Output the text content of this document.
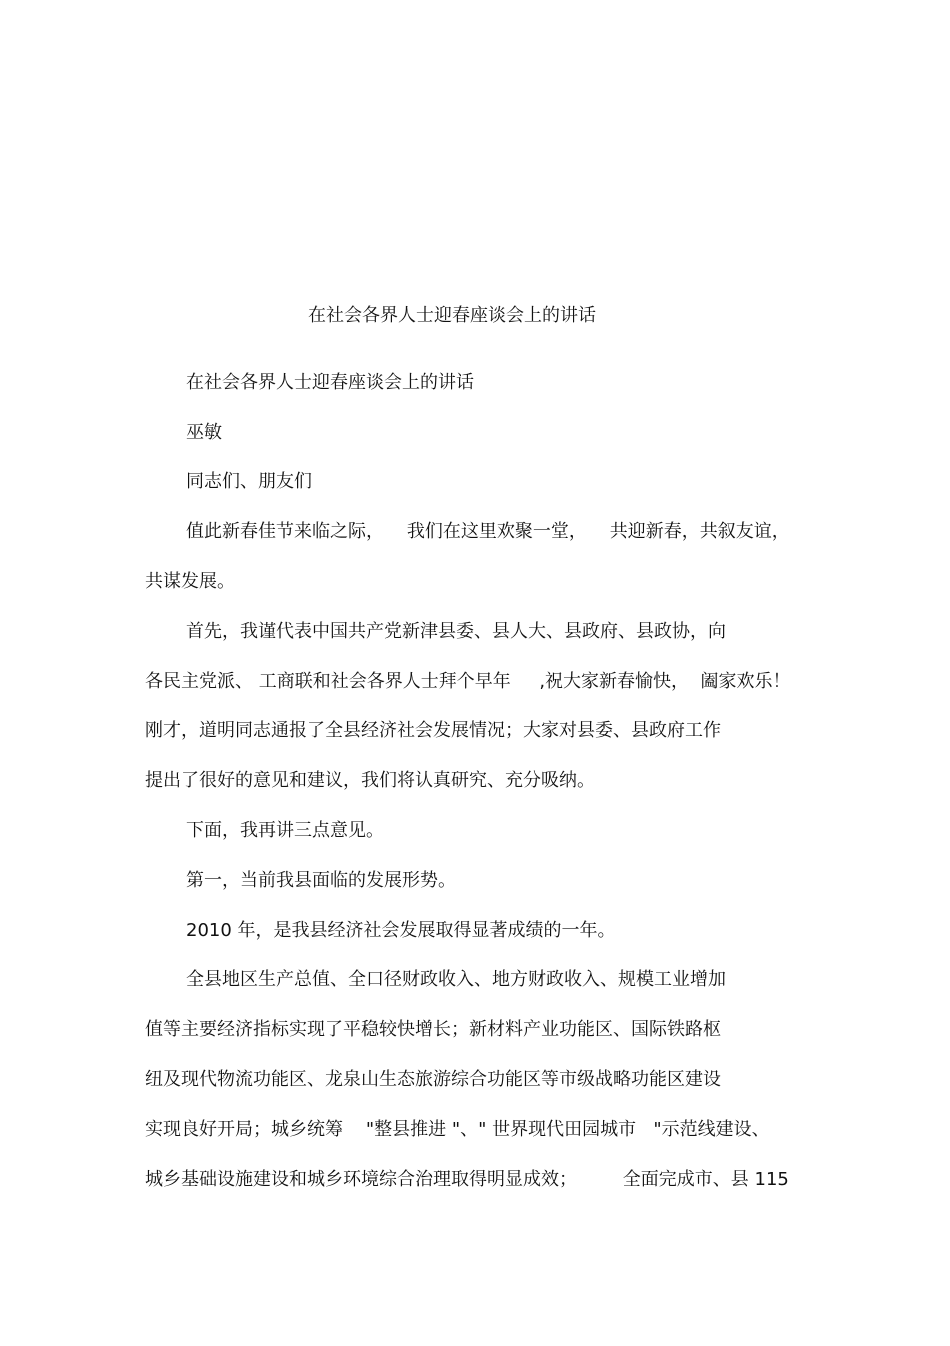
在社会各界人士迎春座谈会上的讲话
在社会各界人士迎春座谈会上的讲话
巫敏
同志们、朋友们
值此新春佳节来临之际，    我们在这里欢聚一堂，    共迎新春，共叙友谊，
共谋发展。
首先，我谨代表中国共产党新津县委、县人大、县政府、县政协，向
各民主党派、 工商联和社会各界人士拜个早年     ,祝大家新春愉快，  阖家欢乐！
刚才，道明同志通报了全县经济社会发展情况；大家对县委、县政府工作
提出了很好的意见和建议，我们将认真研究、充分吸纳。
下面，我再讲三点意见。
第一，当前我县面临的发展形势。
2010 年，是我县经济社会发展取得显著成绩的一年。
全县地区生产总值、全口径财政收入、地方财政收入、规模工业增加
值等主要经济指标实现了平稳较快增长；新材料产业功能区、国际铁路枢
纽及现代物流功能区、龙泉山生态旅游综合功能区等市级战略功能区建设
实现良好开局；城乡统筹    "整县推进 "、" 世界现代田园城市   "示范线建设、
城乡基础设施建设和城乡环境综合治理取得明显成效；        全面完成市、县 115
